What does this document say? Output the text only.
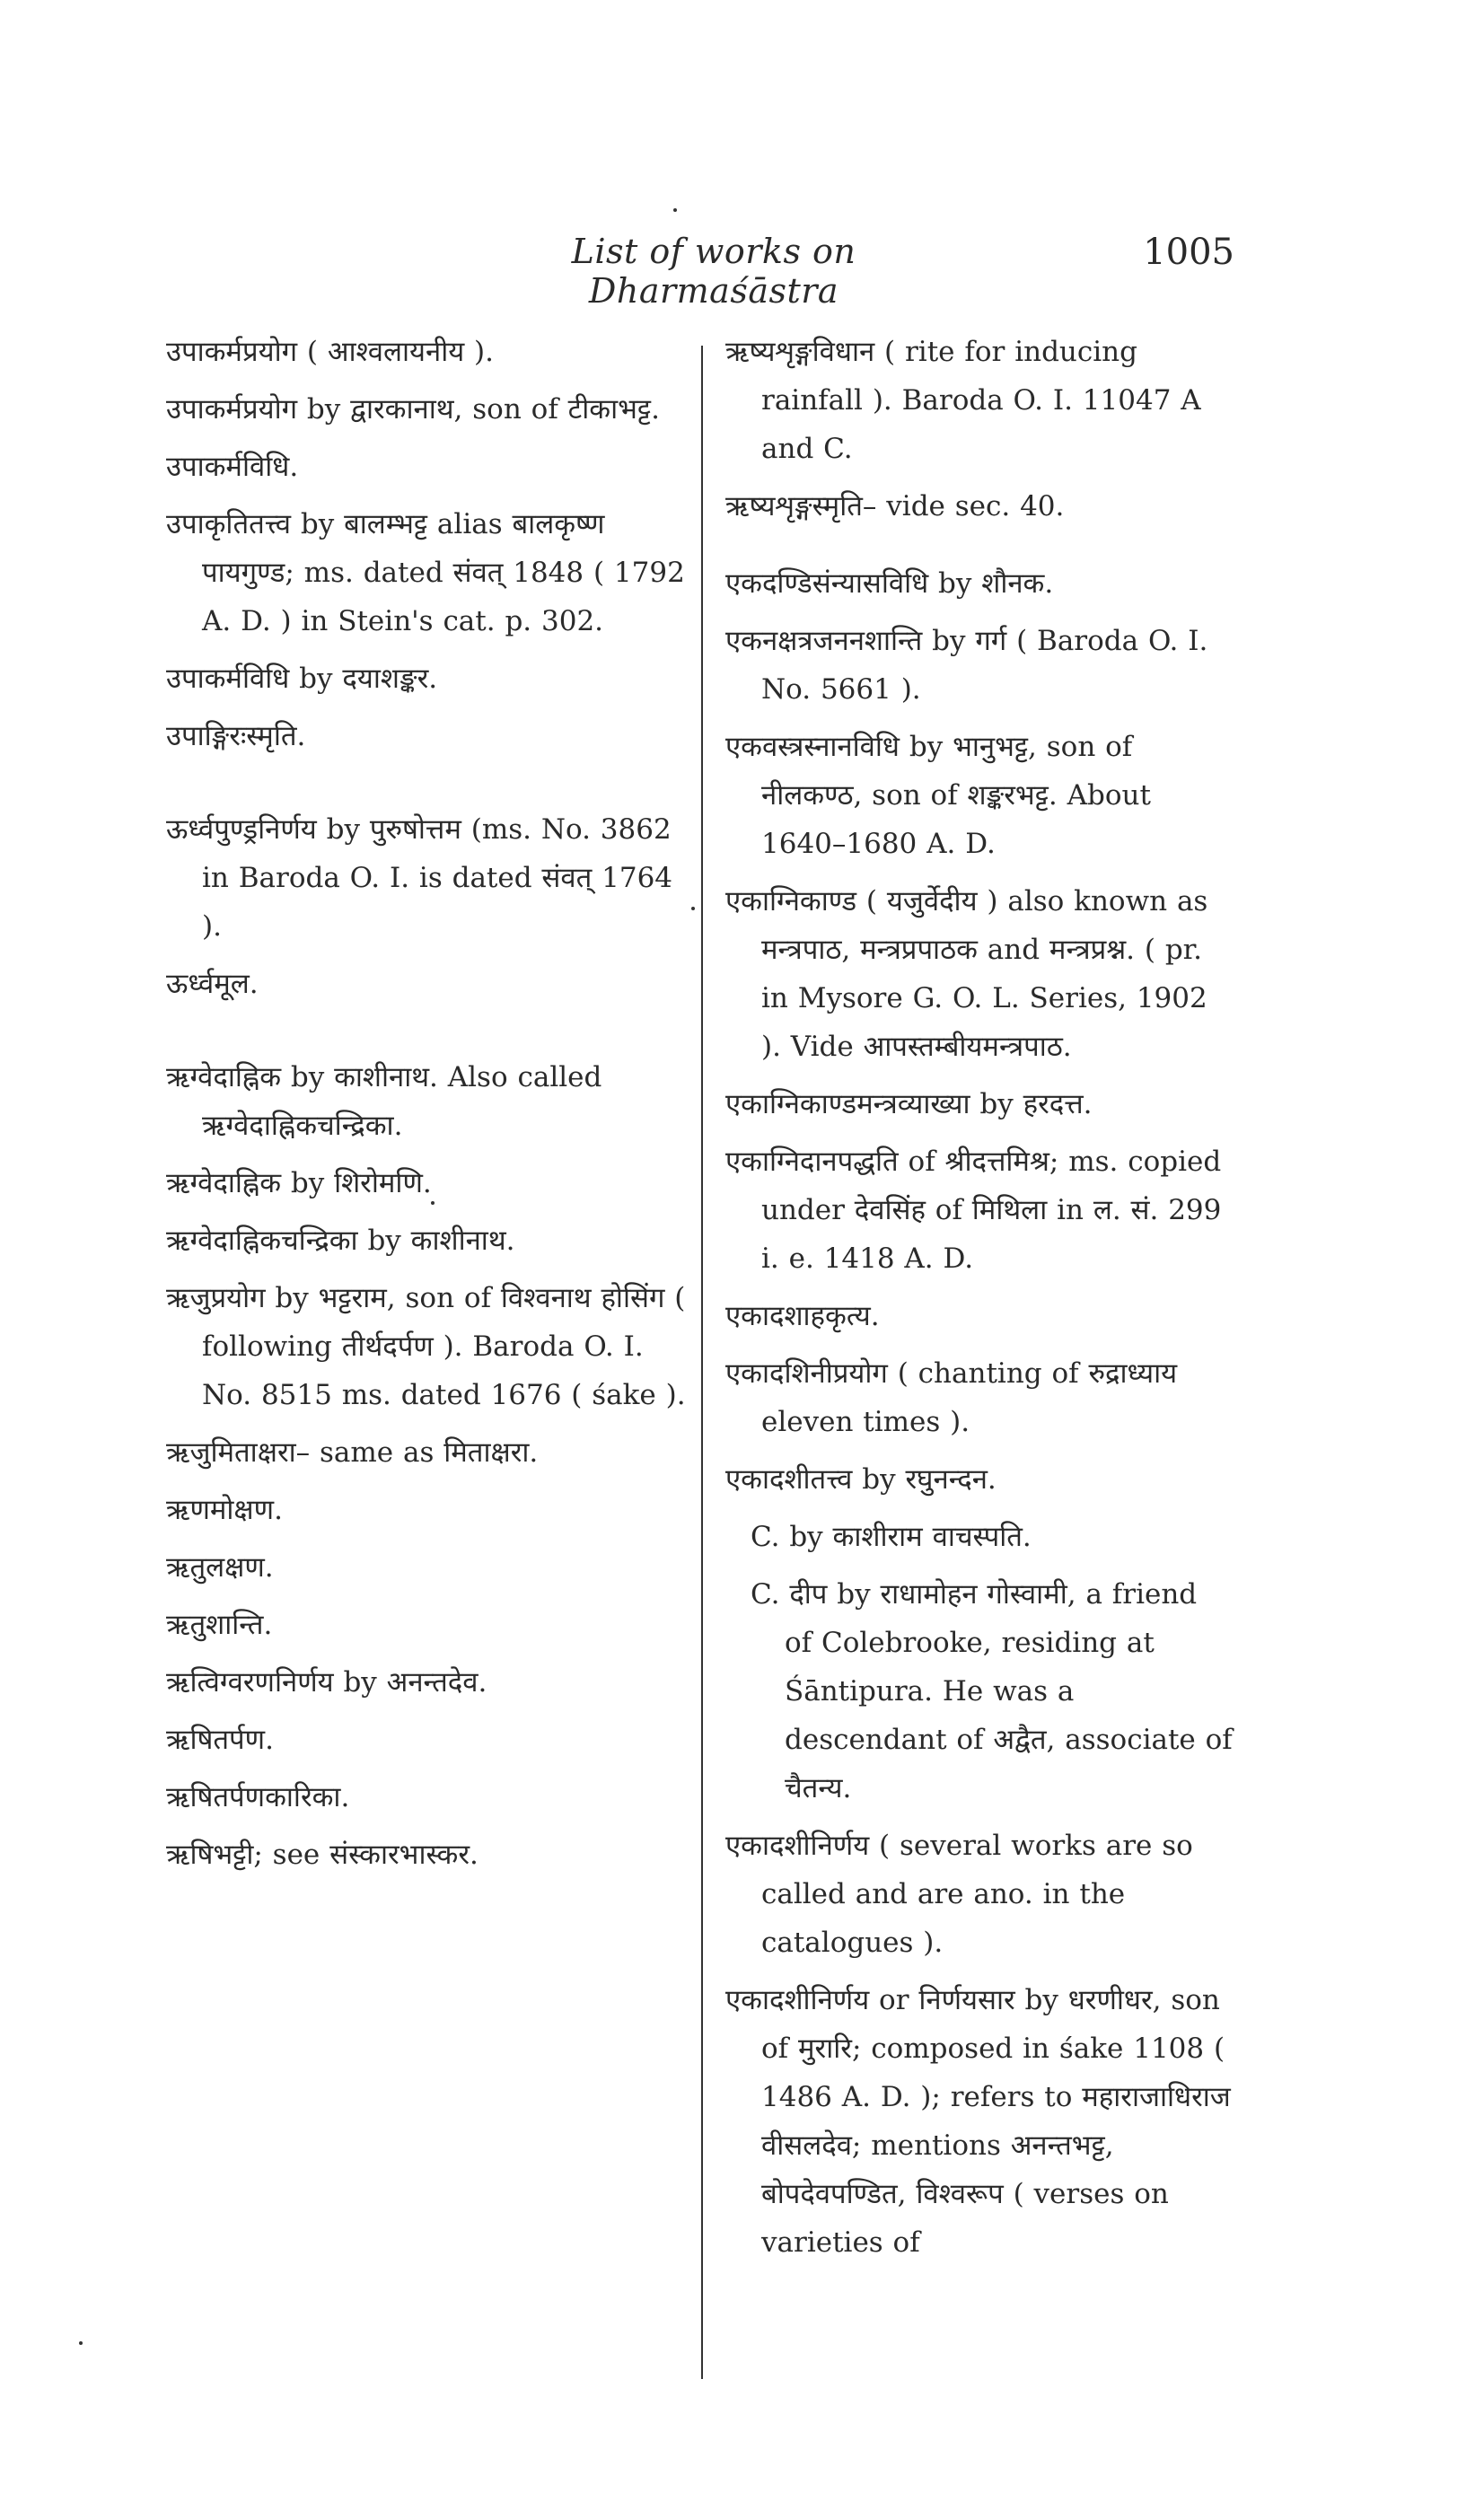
List of works on Dharmaśāstra
1005
उपाकर्मप्रयोग ( आश्वलायनीय ).
उपाकर्मप्रयोग by द्वारकानाथ, son of टीकाभट्ट.
उपाकर्मविधि.
उपाकृतितत्त्व by बालम्भट्ट alias बालकृष्ण पायगुण्ड; ms. dated संवत् 1848 ( 1792 A. D. ) in Stein's cat. p. 302.
उपाकर्मविधि by दयाशङ्कर.
उपाङ्गिरःस्मृति.
ऊर्ध्वपुण्ड्रनिर्णय by पुरुषोत्तम (ms. No. 3862 in Baroda O. I. is dated संवत् 1764 ).
ऊर्ध्वमूल.
ऋग्वेदाह्निक by काशीनाथ. Also called ऋग्वेदाह्निकचन्द्रिका.
ऋग्वेदाह्निक by शिरोमणि.
ऋग्वेदाह्निकचन्द्रिका by काशीनाथ.
ऋजुप्रयोग by भट्टराम, son of विश्वनाथ होसिंग ( following तीर्थदर्पण ). Baroda O. I. No. 8515 ms. dated 1676 ( śake ).
ऋजुमिताक्षरा– same as मिताक्षरा.
ऋणमोक्षण.
ऋतुलक्षण.
ऋतुशान्ति.
ऋत्विग्वरणनिर्णय by अनन्तदेव.
ऋषितर्पण.
ऋषितर्पणकारिका.
ऋषिभट्टी; see संस्कारभास्कर.
ऋष्यशृङ्गविधान ( rite for inducing rainfall ). Baroda O. I. 11047 A and C.
ऋष्यशृङ्गस्मृति– vide sec. 40.
एकदण्डिसंन्यासविधि by शौनक.
एकनक्षत्रजननशान्ति by गर्ग ( Baroda O. I. No. 5661 ).
एकवस्त्रस्नानविधि by भानुभट्ट, son of नीलकण्ठ, son of शङ्करभट्ट. About 1640–1680 A. D.
एकाग्निकाण्ड ( यजुर्वेदीय ) also known as मन्त्रपाठ, मन्त्रप्रपाठक and मन्त्रप्रश्न. ( pr. in Mysore G. O. L. Series, 1902 ). Vide आपस्तम्बीयमन्त्रपाठ.
एकाग्निकाण्डमन्त्रव्याख्या by हरदत्त.
एकाग्निदानपद्धति of श्रीदत्तमिश्र; ms. copied under देवसिंह of मिथिला in ल. सं. 299 i. e. 1418 A. D.
एकादशाहकृत्य.
एकादशिनीप्रयोग ( chanting of रुद्राध्याय eleven times ).
एकादशीतत्त्व by रघुनन्दन.
C. by काशीराम वाचस्पति.
C. दीप by राधामोहन गोस्वामी, a friend of Colebrooke, residing at Śāntipura. He was a descendant of अद्वैत, associate of चैतन्य.
एकादशीनिर्णय ( several works are so called and are ano. in the catalogues ).
एकादशीनिर्णय or निर्णयसार by धरणीधर, son of मुरारि; composed in śake 1108 ( 1486 A. D. ); refers to महाराजाधिराज वीसलदेव; mentions अनन्तभट्ट, बोपदेवपण्डित, विश्वरूप ( verses on varieties of
